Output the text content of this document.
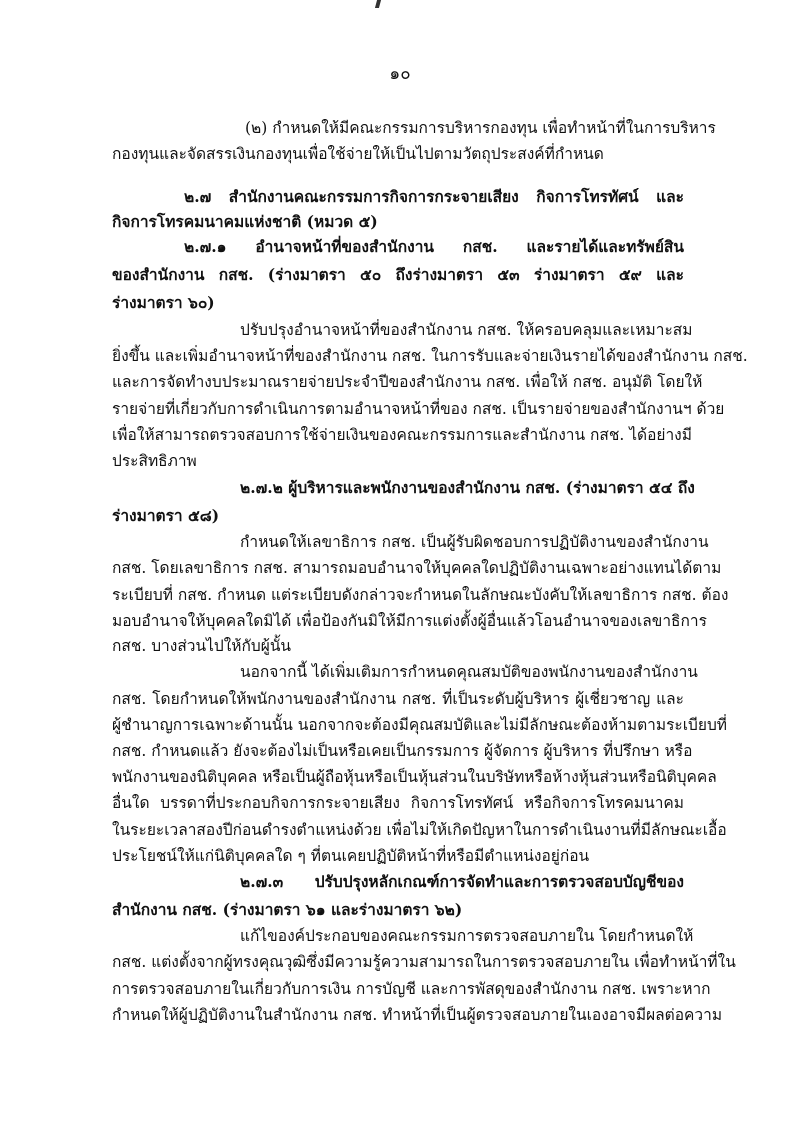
๑๐
(๒) กำหนดให้มีคณะกรรมการบริหารกองทุน เพื่อทำหน้าที่ในการบริหาร
กองทุนและจัดสรรเงินกองทุนเพื่อใช้จ่ายให้เป็นไปตามวัตถุประสงค์ที่กำหนด
๒.๗ สำนักงานคณะกรรมการกิจการกระจายเสียง กิจการโทรทัศน์ และ
กิจการโทรคมนาคมแห่งชาติ (หมวด ๕)
๒.๗.๑ อำนาจหน้าที่ของสำนักงาน กสช. และรายได้และทรัพย์สิน
ของสำนักงาน กสช. (ร่างมาตรา ๕๐ ถึงร่างมาตรา ๕๓ ร่างมาตรา ๕๙ และ
ร่างมาตรา ๖๐)
ปรับปรุงอำนาจหน้าที่ของสำนักงาน กสช. ให้ครอบคลุมและเหมาะสม
ยิ่งขึ้น และเพิ่มอำนาจหน้าที่ของสำนักงาน กสช. ในการรับและจ่ายเงินรายได้ของสำนักงาน กสช.
และการจัดทำงบประมาณรายจ่ายประจำปีของสำนักงาน กสช. เพื่อให้ กสช. อนุมัติ โดยให้
รายจ่ายที่เกี่ยวกับการดำเนินการตามอำนาจหน้าที่ของ กสช. เป็นรายจ่ายของสำนักงานฯ ด้วย
เพื่อให้สามารถตรวจสอบการใช้จ่ายเงินของคณะกรรมการและสำนักงาน กสช. ได้อย่างมี
ประสิทธิภาพ
๒.๗.๒ ผู้บริหารและพนักงานของสำนักงาน กสช. (ร่างมาตรา ๕๔ ถึง
ร่างมาตรา ๕๘)
กำหนดให้เลขาธิการ กสช. เป็นผู้รับผิดชอบการปฏิบัติงานของสำนักงาน
กสช. โดยเลขาธิการ กสช. สามารถมอบอำนาจให้บุคคลใดปฏิบัติงานเฉพาะอย่างแทนได้ตาม
ระเบียบที่ กสช. กำหนด แต่ระเบียบดังกล่าวจะกำหนดในลักษณะบังคับให้เลขาธิการ กสช. ต้อง
มอบอำนาจให้บุคคลใดมิได้ เพื่อป้องกันมิให้มีการแต่งตั้งผู้อื่นแล้วโอนอำนาจของเลขาธิการ
กสช. บางส่วนไปให้กับผู้นั้น
นอกจากนี้ ได้เพิ่มเติมการกำหนดคุณสมบัติของพนักงานของสำนักงาน
กสช. โดยกำหนดให้พนักงานของสำนักงาน กสช. ที่เป็นระดับผู้บริหาร ผู้เชี่ยวชาญ และ
ผู้ชำนาญการเฉพาะด้านนั้น นอกจากจะต้องมีคุณสมบัติและไม่มีลักษณะต้องห้ามตามระเบียบที่
กสช. กำหนดแล้ว ยังจะต้องไม่เป็นหรือเคยเป็นกรรมการ ผู้จัดการ ผู้บริหาร ที่ปรึกษา หรือ
พนักงานของนิติบุคคล หรือเป็นผู้ถือหุ้นหรือเป็นหุ้นส่วนในบริษัทหรือห้างหุ้นส่วนหรือนิติบุคคล
อื่นใด บรรดาที่ประกอบกิจการกระจายเสียง กิจการโทรทัศน์ หรือกิจการโทรคมนาคม
ในระยะเวลาสองปีก่อนดำรงตำแหน่งด้วย เพื่อไม่ให้เกิดปัญหาในการดำเนินงานที่มีลักษณะเอื้อ
ประโยชน์ให้แก่นิติบุคคลใด ๆ ที่ตนเคยปฏิบัติหน้าที่หรือมีตำแหน่งอยู่ก่อน
๒.๗.๓ ปรับปรุงหลักเกณฑ์การจัดทำและการตรวจสอบบัญชีของ
สำนักงาน กสช. (ร่างมาตรา ๖๑ และร่างมาตรา ๖๒)
แก้ไของค์ประกอบของคณะกรรมการตรวจสอบภายใน โดยกำหนดให้
กสช. แต่งตั้งจากผู้ทรงคุณวุฒิซึ่งมีความรู้ความสามารถในการตรวจสอบภายใน เพื่อทำหน้าที่ใน
การตรวจสอบภายในเกี่ยวกับการเงิน การบัญชี และการพัสดุของสำนักงาน กสช. เพราะหาก
กำหนดให้ผู้ปฏิบัติงานในสำนักงาน กสช. ทำหน้าที่เป็นผู้ตรวจสอบภายในเองอาจมีผลต่อความ
